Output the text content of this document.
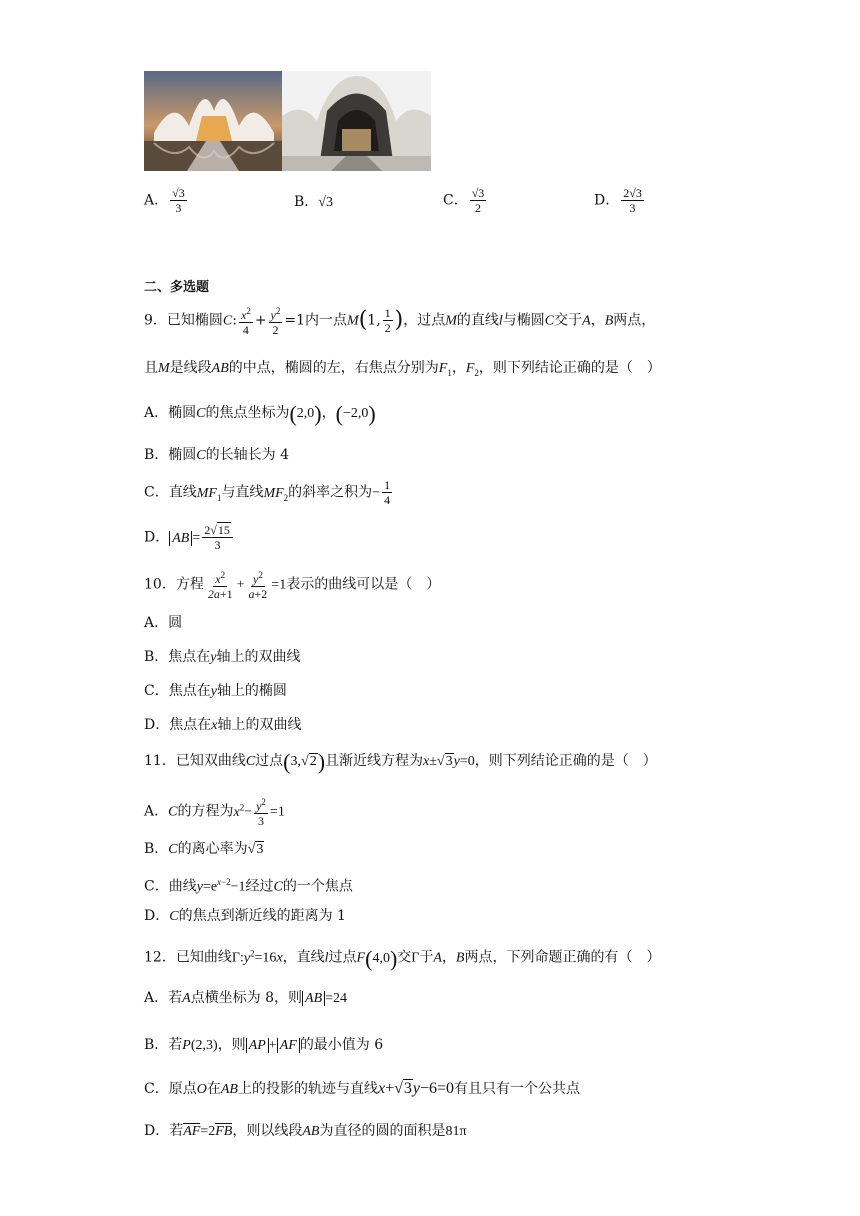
A． $\frac{√3}{3}$	B．√3	C． $\frac{√3}{2}$	D． $\frac{2√3}{3}$
二、多选题
9．已知椭圆C: $\frac{x^2}{4} + \frac{y^2}{2} =1$内一点M(1, $\frac{1}{2}$ )，过点M的直线l与椭圆C交于A，B两点，
且M是线段AB的中点，椭圆的左，右焦点分别为$F_1$，$F_2$，则下列结论正确的是（　）
A．椭圆C的焦点坐标为(2,0)，(−2,0)
B．椭圆C的长轴长为 4
C．直线$MF_1$与直线$MF_2$的斜率之积为− $\frac{1}{4}$
D． AB = $\frac{2√15}{3}$
10．方程 $\frac{x^2}{2a+1} + \frac{y^2}{a+2} =1$表示的曲线可以是（　）
A．圆
B．焦点在y轴上的双曲线
C．焦点在y轴上的椭圆
D．焦点在x轴上的双曲线
11．已知双曲线C过点(3,√2)且渐近线方程为x±√3y=0，则下列结论正确的是（　）
A．C的方程为$x^2- \frac{y^2}{3} =1$
B．C的离心率为√3
C．曲线$y=e^{x-2}-1$经过C的一个焦点
D．C的焦点到渐近线的距离为 1
12．已知曲线$\Gamma:y^2=16x$，直线l过点F(4,0)交Γ于A，B两点，下列命题正确的有（　）
A．若A点横坐标为 8，则 AB =24
B．若P(2,3)，则 AP + AF 的最小值为 6
C．原点O在AB上的投影的轨迹与直线x+√3y−6=0有且只有一个公共点
D．若AF=2FB，则以线段AB为直径的圆的面积是81π
